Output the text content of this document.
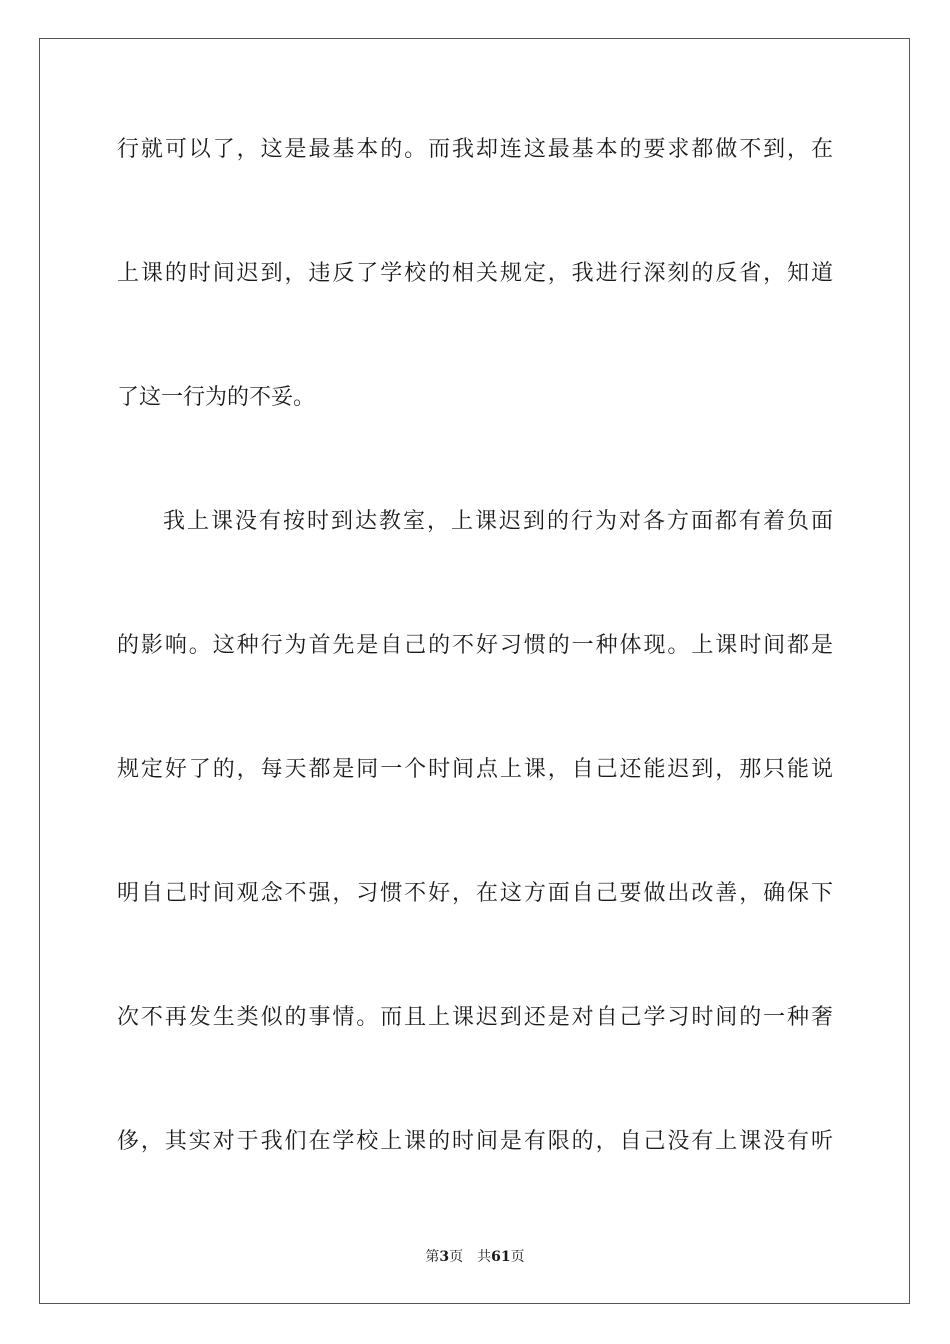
行就可以了，这是最基本的。而我却连这最基本的要求都做不到，在
上课的时间迟到，违反了学校的相关规定，我进行深刻的反省，知道
了这一行为的不妥。
我上课没有按时到达教室，上课迟到的行为对各方面都有着负面
的影响。这种行为首先是自己的不好习惯的一种体现。上课时间都是
规定好了的，每天都是同一个时间点上课，自己还能迟到，那只能说
明自己时间观念不强，习惯不好，在这方面自己要做出改善，确保下
次不再发生类似的事情。而且上课迟到还是对自己学习时间的一种奢
侈，其实对于我们在学校上课的时间是有限的，自己没有上课没有听
第3页 共61页
